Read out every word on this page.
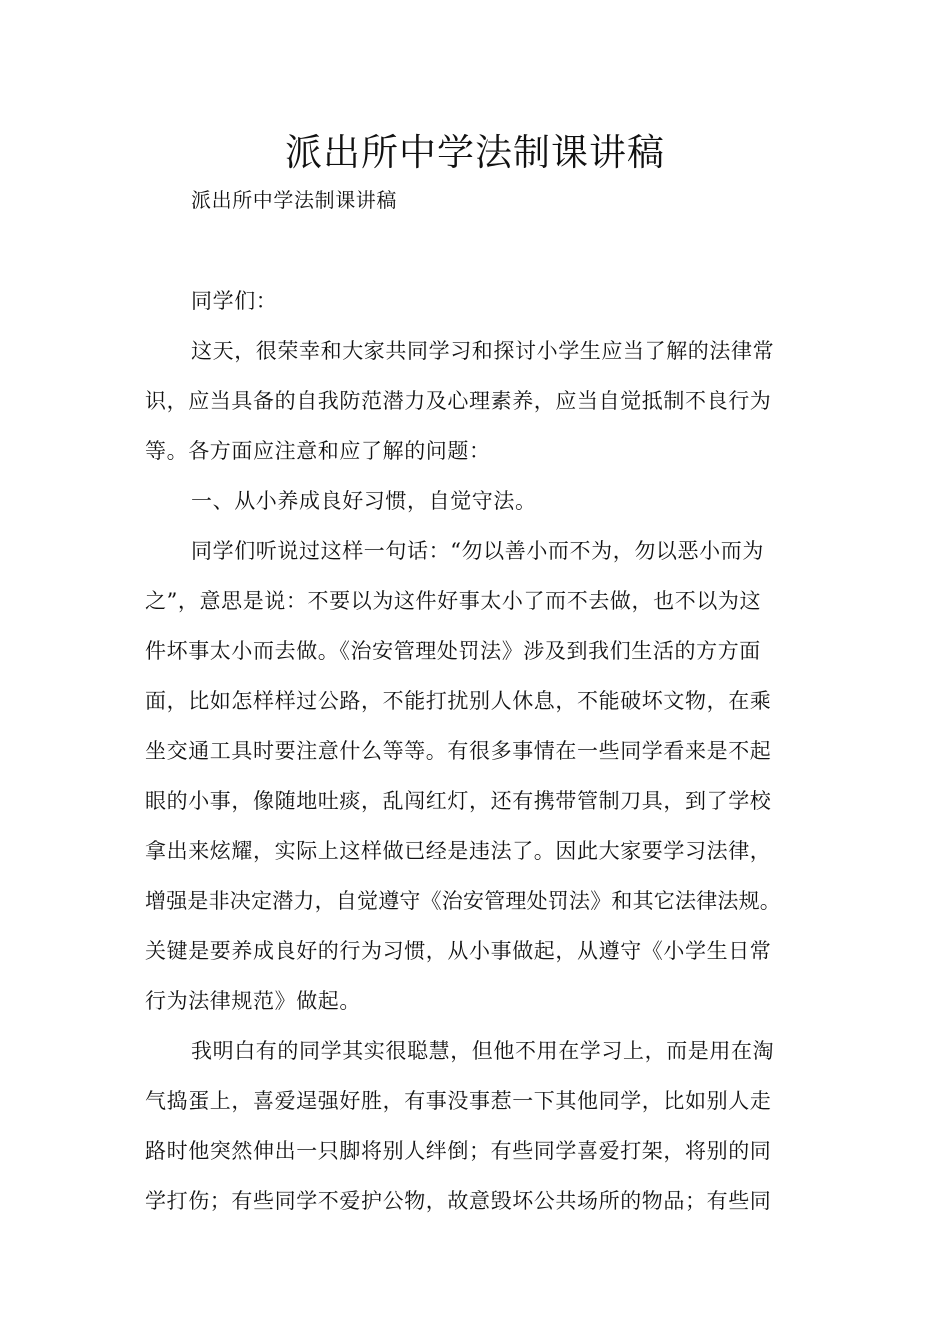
派出所中学法制课讲稿
派出所中学法制课讲稿
同学们：
这天，很荣幸和大家共同学习和探讨小学生应当了解的法律常
识，应当具备的自我防范潜力及心理素养，应当自觉抵制不良行为
等。各方面应注意和应了解的问题：
一、从小养成良好习惯，自觉守法。
同学们听说过这样一句话：“勿以善小而不为，勿以恶小而为
之”，意思是说：不要以为这件好事太小了而不去做，也不以为这
件坏事太小而去做。《治安管理处罚法》涉及到我们生活的方方面
面，比如怎样样过公路，不能打扰别人休息，不能破坏文物，在乘
坐交通工具时要注意什么等等。有很多事情在一些同学看来是不起
眼的小事，像随地吐痰，乱闯红灯，还有携带管制刀具，到了学校
拿出来炫耀，实际上这样做已经是违法了。因此大家要学习法律，
增强是非决定潜力，自觉遵守《治安管理处罚法》和其它法律法规。
关键是要养成良好的行为习惯，从小事做起，从遵守《小学生日常
行为法律规范》做起。
我明白有的同学其实很聪慧，但他不用在学习上，而是用在淘
气捣蛋上，喜爱逞强好胜，有事没事惹一下其他同学，比如别人走
路时他突然伸出一只脚将别人绊倒；有些同学喜爱打架，将别的同
学打伤；有些同学不爱护公物，故意毁坏公共场所的物品；有些同
